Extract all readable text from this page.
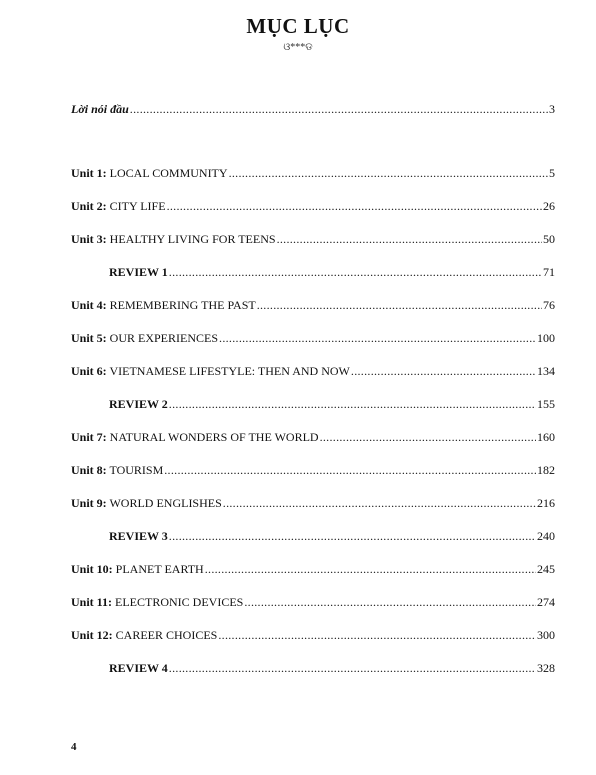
MỤC LỤC
ଓ***ଡ
Lời nói đầu .....	3
Unit 1: LOCAL COMMUNITY .....	5
Unit 2: CITY LIFE .....	26
Unit 3: HEALTHY LIVING FOR TEENS .....	50
REVIEW 1 .....	71
Unit 4: REMEMBERING THE PAST .....	76
Unit 5: OUR EXPERIENCES .....	100
Unit 6: VIETNAMESE LIFESTYLE: THEN AND NOW .....	134
REVIEW 2 .....	155
Unit 7: NATURAL WONDERS OF THE WORLD .....	160
Unit 8: TOURISM .....	182
Unit 9: WORLD ENGLISHES .....	216
REVIEW 3 .....	240
Unit 10: PLANET EARTH .....	245
Unit 11: ELECTRONIC DEVICES .....	274
Unit 12: CAREER CHOICES .....	300
REVIEW 4 .....	328
4
